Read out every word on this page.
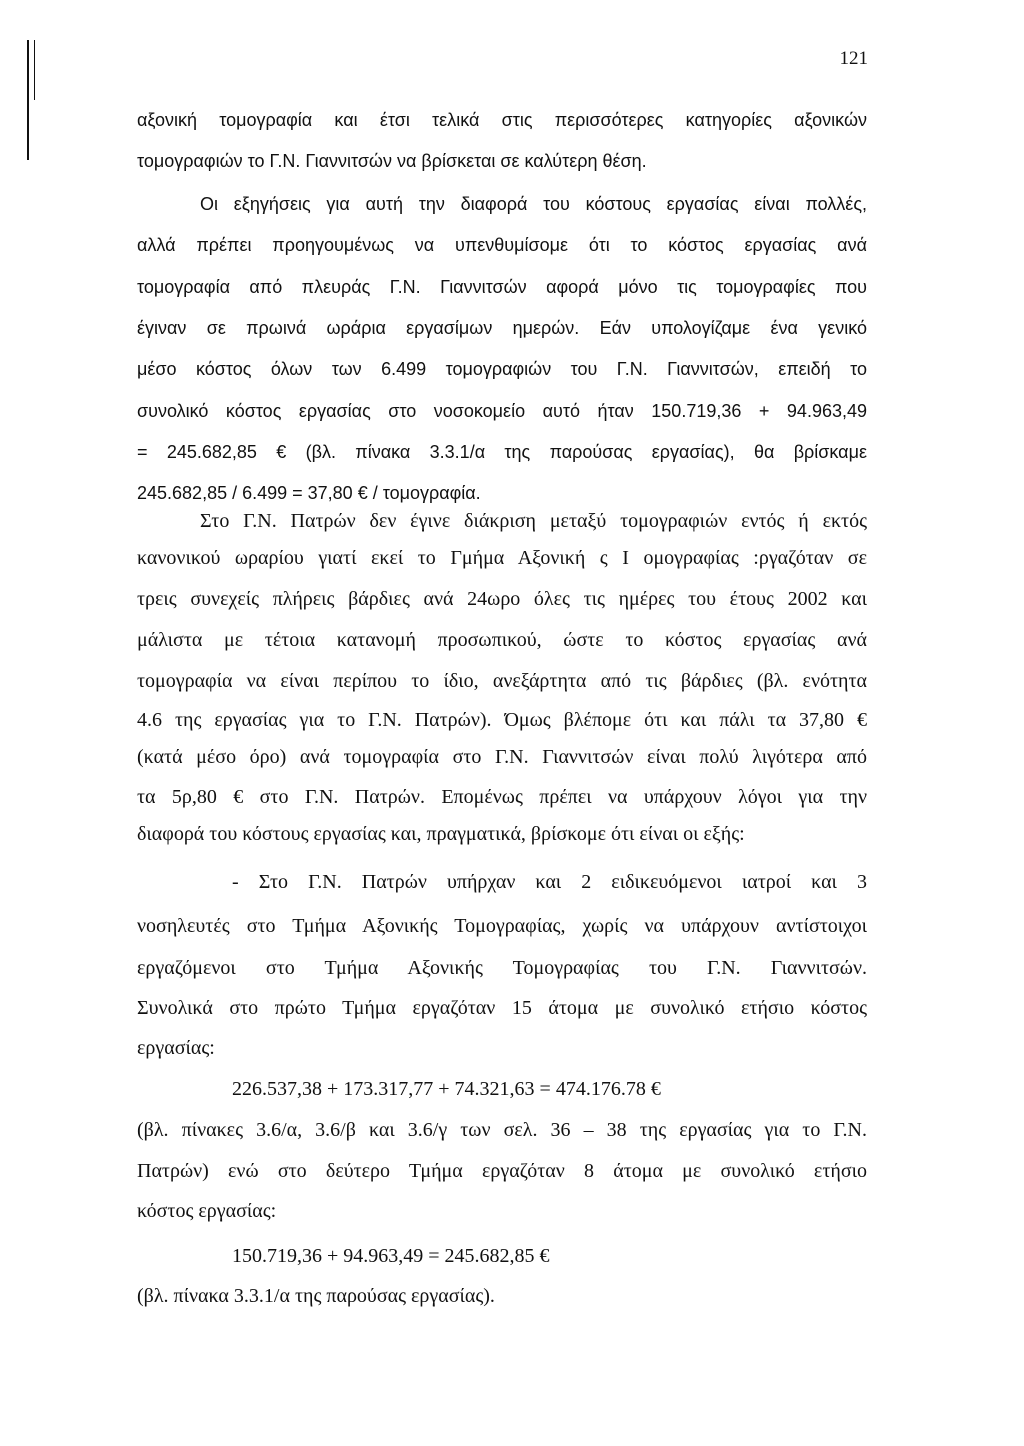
121

αξονική τομογραφία και έτσι τελικά στις περισσότερες κατηγορίες αξονικών

τομογραφιών το Γ.Ν. Γιαννιτσών να βρίσκεται σε καλύτερη θέση.

Οι εξηγήσεις για αυτή την διαφορά του κόστους εργασίας είναι πολλές,

αλλά πρέπει προηγουμένως να υπενθυμίσομε ότι το κόστος εργασίας ανά

τομογραφία από πλευράς Γ.Ν. Γιαννιτσών αφορά μόνο τις τομογραφίες που

έγιναν σε πρωινά ωράρια εργασίμων ημερών. Εάν υπολογίζαμε ένα γενικό

μέσο κόστος όλων των 6.499 τομογραφιών του Γ.Ν. Γιαννιτσών, επειδή το

συνολικό κόστος εργασίας στο νοσοκομείο αυτό ήταν 150.719,36 + 94.963,49

= 245.682,85 € (βλ. πίνακα 3.3.1/α της παρούσας εργασίας), θα βρίσκαμε

245.682,85 / 6.499 = 37,80 € / τομογραφία.

Στο Γ.Ν. Πατρών δεν έγινε διάκριση μεταξύ τομογραφιών εντός ή εκτός

κανονικού ωραρίου γιατί εκεί το Γμήμα Αξονική ς Ι ομογραφίας :ργαζόταν σε

τρεις συνεχείς πλήρεις βάρδιες ανά 24ωρο όλες τις ημέρες του έτους 2002 και

μάλιστα με τέτοια κατανομή προσωπικού, ώστε το κόστος εργασίας ανά

τομογραφία να είναι περίπου το ίδιο, ανεξάρτητα από τις βάρδιες (βλ. ενότητα

4.6 της εργασίας για το Γ.Ν. Πατρών). Όμως βλέπομε ότι και πάλι τα 37,80 €

(κατά μέσο όρο) ανά τομογραφία στο Γ.Ν. Γιαννιτσών είναι πολύ λιγότερα από

τα 5ρ,80 € στο Γ.Ν. Πατρών. Επομένως πρέπει να υπάρχουν λόγοι για την

διαφορά του κόστους εργασίας και, πραγματικά, βρίσκομε ότι είναι οι εξής:

- Στο Γ.Ν. Πατρών υπήρχαν και 2 ειδικευόμενοι ιατροί και 3

νοσηλευτές στο Τμήμα Αξονικής Τομογραφίας, χωρίς να υπάρχουν αντίστοιχοι

εργαζόμενοι στο Τμήμα Αξονικής Τομογραφίας του Γ.Ν. Γιαννιτσών.

Συνολικά στο πρώτο Τμήμα εργαζόταν 15 άτομα με συνολικό ετήσιο κόστος

εργασίας:

226.537,38 + 173.317,77 + 74.321,63 = 474.176.78 €

(βλ. πίνακες 3.6/α, 3.6/β και 3.6/γ των σελ. 36 – 38 της εργασίας για το Γ.Ν.

Πατρών) ενώ στο δεύτερο Τμήμα εργαζόταν 8 άτομα με συνολικό ετήσιο

κόστος εργασίας:

150.719,36 + 94.963,49 = 245.682,85 €

(βλ. πίνακα 3.3.1/α της παρούσας εργασίας).
